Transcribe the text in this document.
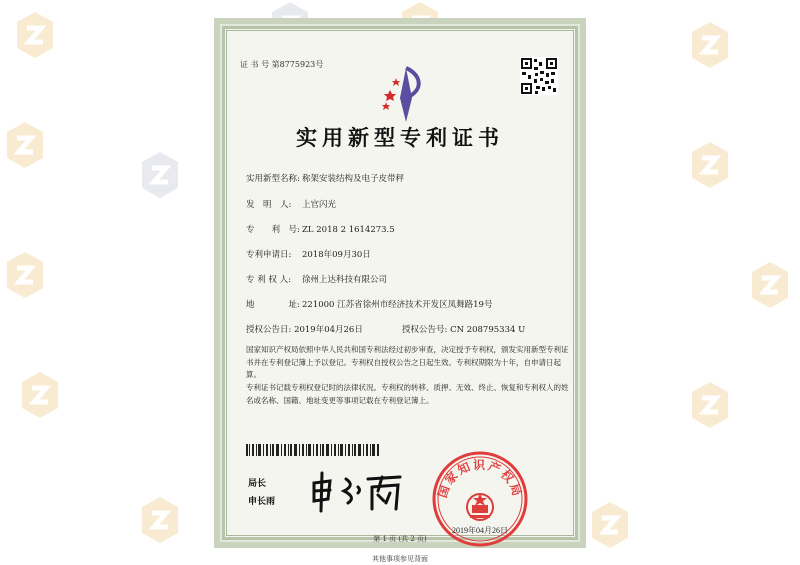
证 书 号 第8775923号
实用新型专利证书
实用新型名称: 称架安装结构及电子皮带秤
发　明　人: 上官闪光
专　　利　号: ZL 2018 2 1614273.5
专利申请日: 2018年09月30日
专 利 权 人: 徐州上达科技有限公司
地　　　　址: 221000 江苏省徐州市经济技术开发区凤舞路19号
授权公告日: 2019年04月26日	授权公告号: CN 208795334 U
国家知识产权局依照中华人民共和国专利法经过初步审查，决定授予专利权，颁发实用新型专利证书并在专利登记簿上予以登记。专利权自授权公告之日起生效。专利权期限为十年，自申请日起算。
专利证书记载专利权登记时的法律状况。专利权的转移、质押、无效、终止、恢复和专利权人的姓名或名称、国籍、地址变更等事项记载在专利登记簿上。
局长
申长雨
国家知识产权局
2019年04月26日
第 1 页 (共 2 页)
其他事项参见背面
